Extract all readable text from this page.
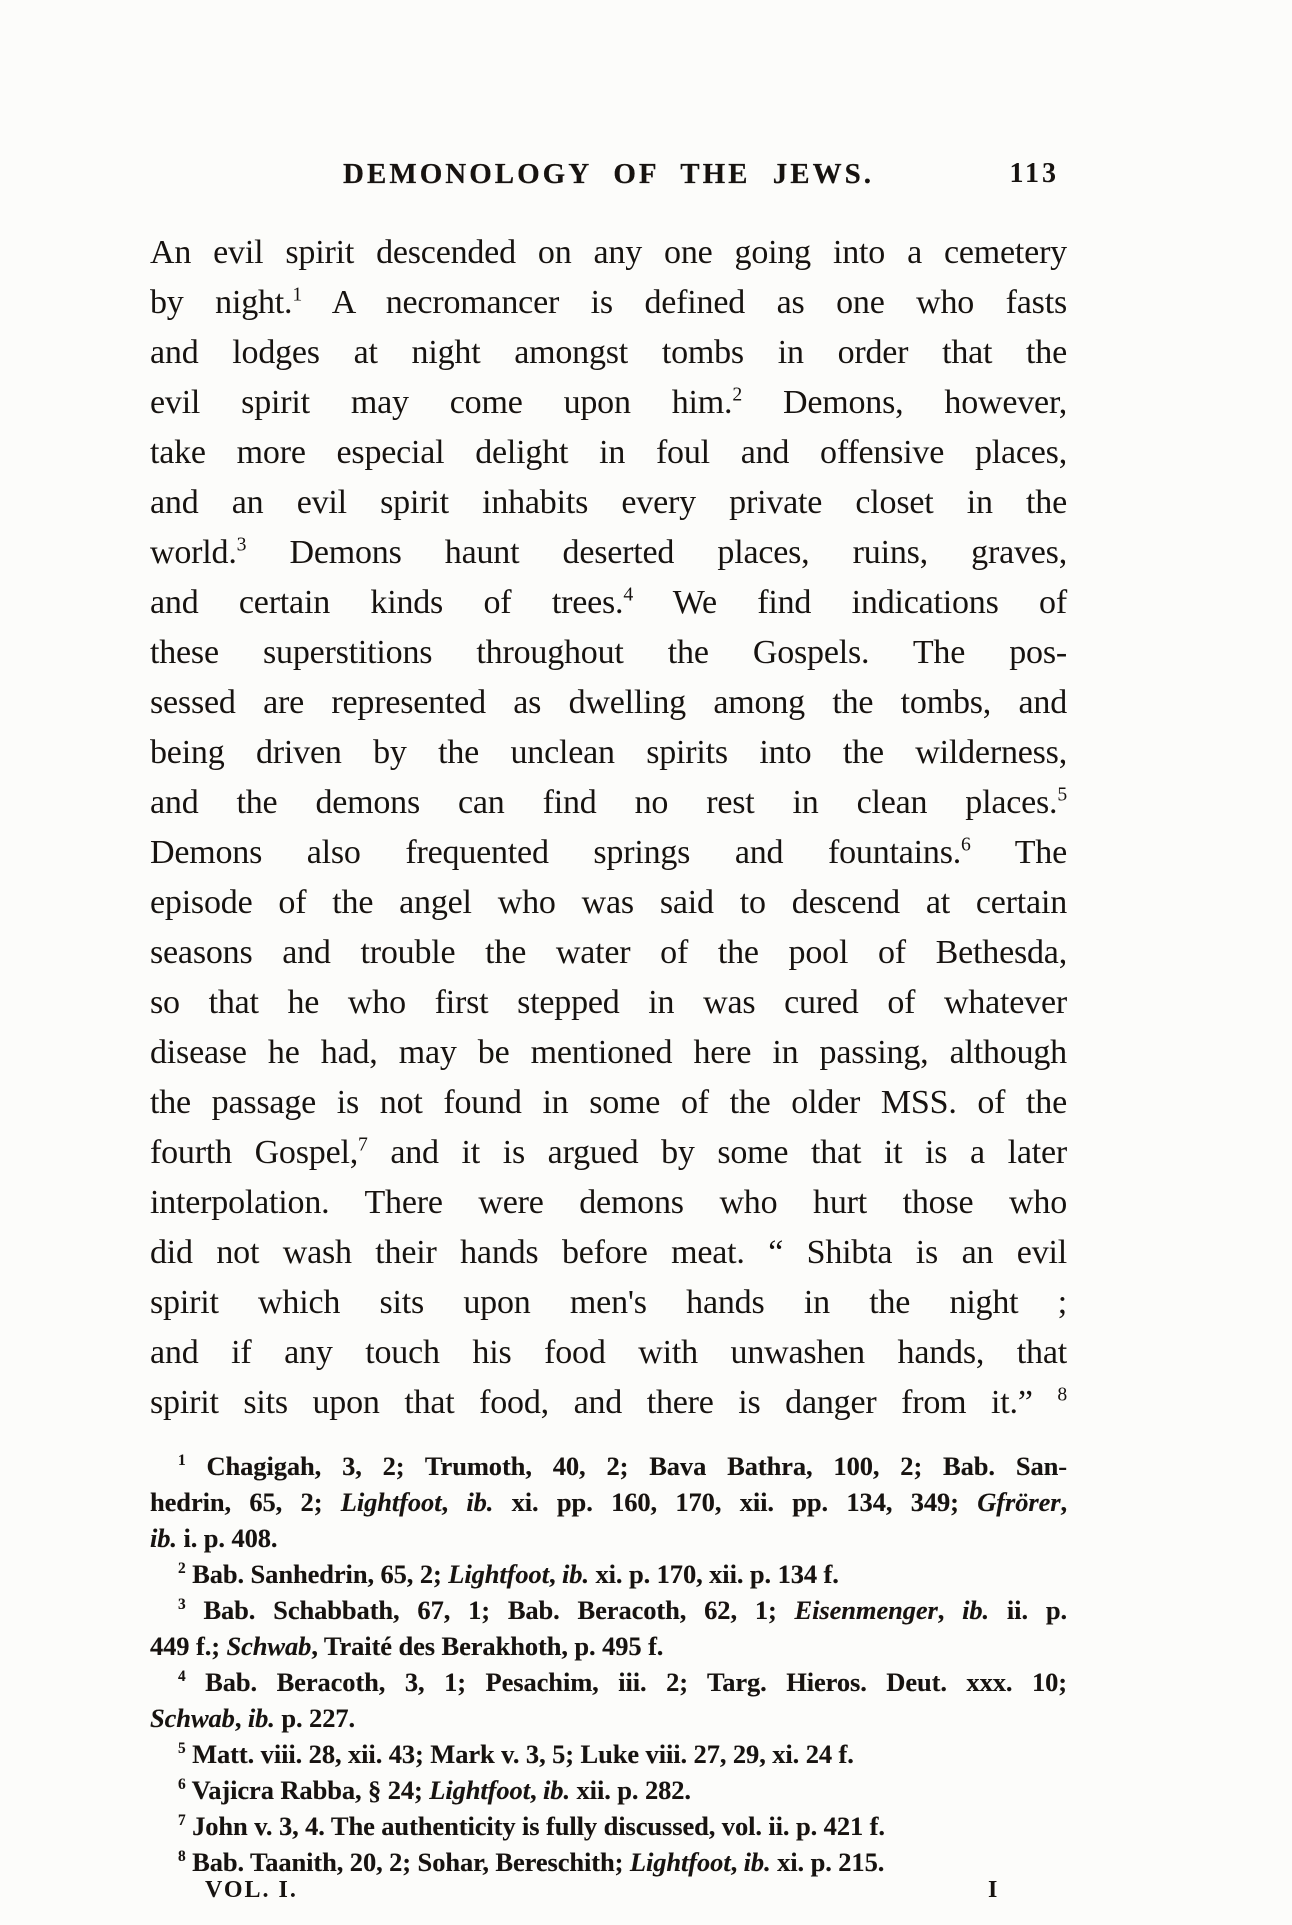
DEMONOLOGY OF THE JEWS.	113
An evil spirit descended on any one going into a cemetery
by night.$^1$ A necromancer is defined as one who fasts
and lodges at night amongst tombs in order that the
evil spirit may come upon him.$^2$ Demons, however,
take more especial delight in foul and offensive places,
and an evil spirit inhabits every private closet in the
world.$^3$ Demons haunt deserted places, ruins, graves,
and certain kinds of trees.$^4$ We find indications of
these superstitions throughout the Gospels. The pos-
sessed are represented as dwelling among the tombs, and
being driven by the unclean spirits into the wilderness,
and the demons can find no rest in clean places.$^5$
Demons also frequented springs and fountains.$^6$ The
episode of the angel who was said to descend at certain
seasons and trouble the water of the pool of Bethesda,
so that he who first stepped in was cured of whatever
disease he had, may be mentioned here in passing, although
the passage is not found in some of the older MSS. of the
fourth Gospel,$^7$ and it is argued by some that it is a later
interpolation. There were demons who hurt those who
did not wash their hands before meat. “ Shibta is an evil
spirit which sits upon men's hands in the night ;
and if any touch his food with unwashen hands, that
spirit sits upon that food, and there is danger from it.” $^8$
$^1$ Chagigah, 3, 2; Trumoth, 40, 2; Bava Bathra, 100, 2; Bab. San-
hedrin, 65, 2; Lightfoot, ib. xi. pp. 160, 170, xii. pp. 134, 349; Gfrörer,
ib. i. p. 408.
$^2$ Bab. Sanhedrin, 65, 2; Lightfoot, ib. xi. p. 170, xii. p. 134 f.
$^3$ Bab. Schabbath, 67, 1; Bab. Beracoth, 62, 1; Eisenmenger, ib. ii. p.
449 f.; Schwab, Traité des Berakhoth, p. 495 f.
$^4$ Bab. Beracoth, 3, 1; Pesachim, iii. 2; Targ. Hieros. Deut. xxx. 10;
Schwab, ib. p. 227.
$^5$ Matt. viii. 28, xii. 43; Mark v. 3, 5; Luke viii. 27, 29, xi. 24 f.
$^6$ Vajicra Rabba, § 24; Lightfoot, ib. xii. p. 282.
$^7$ John v. 3, 4. The authenticity is fully discussed, vol. ii. p. 421 f.
$^8$ Bab. Taanith, 20, 2; Sohar, Bereschith; Lightfoot, ib. xi. p. 215.
VOL. I.	I
